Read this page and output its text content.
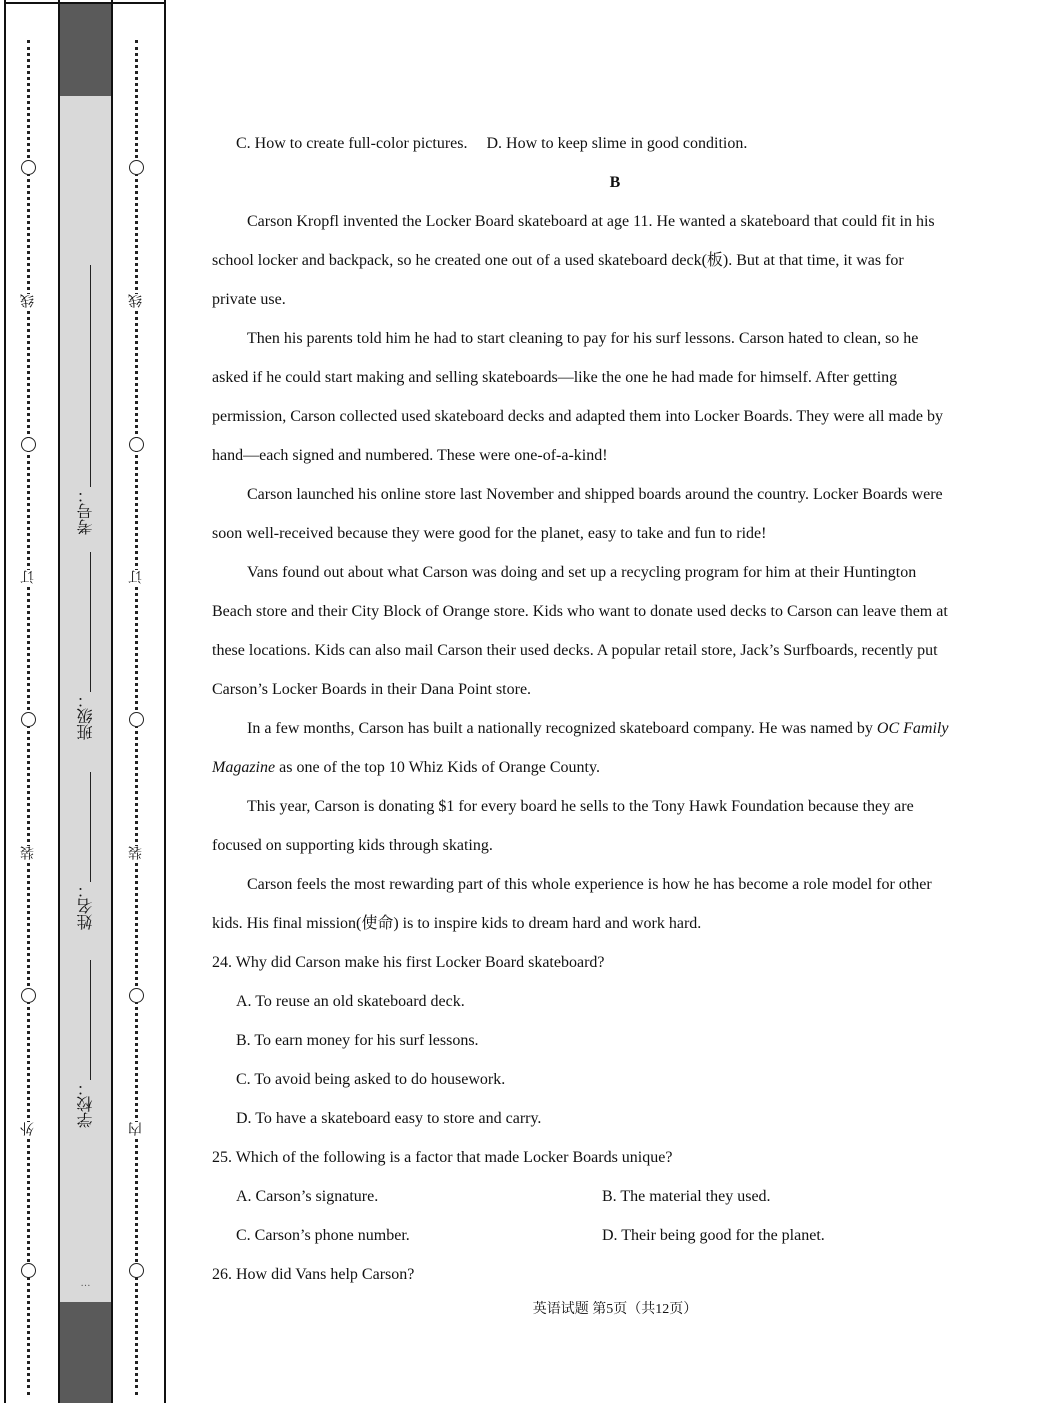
线
订
装
外
线
订
装
内
考号：
班级：
姓名：
学校：
…
C. How to create full-color pictures. D. How to keep slime in good condition.
B
Carson Kropfl invented the Locker Board skateboard at age 11. He wanted a skateboard that could fit in his
school locker and backpack, so he created one out of a used skateboard deck(板). But at that time, it was for
private use.
Then his parents told him he had to start cleaning to pay for his surf lessons. Carson hated to clean, so he
asked if he could start making and selling skateboards—like the one he had made for himself. After getting
permission, Carson collected used skateboard decks and adapted them into Locker Boards. They were all made by
hand—each signed and numbered. These were one-of-a-kind!
Carson launched his online store last November and shipped boards around the country. Locker Boards were
soon well-received because they were good for the planet, easy to take and fun to ride!
Vans found out about what Carson was doing and set up a recycling program for him at their Huntington
Beach store and their City Block of Orange store. Kids who want to donate used decks to Carson can leave them at
these locations. Kids can also mail Carson their used decks. A popular retail store, Jack’s Surfboards, recently put
Carson’s Locker Boards in their Dana Point store.
In a few months, Carson has built a nationally recognized skateboard company. He was named by OC Family
Magazine as one of the top 10 Whiz Kids of Orange County.
This year, Carson is donating $1 for every board he sells to the Tony Hawk Foundation because they are
focused on supporting kids through skating.
Carson feels the most rewarding part of this whole experience is how he has become a role model for other
kids. His final mission(使命) is to inspire kids to dream hard and work hard.
24. Why did Carson make his first Locker Board skateboard?
A. To reuse an old skateboard deck.
B. To earn money for his surf lessons.
C. To avoid being asked to do housework.
D. To have a skateboard easy to store and carry.
25. Which of the following is a factor that made Locker Boards unique?
A. Carson’s signature.	B. The material they used.
C. Carson’s phone number.	D. Their being good for the planet.
26. How did Vans help Carson?
英语试题 第5页（共12页）
